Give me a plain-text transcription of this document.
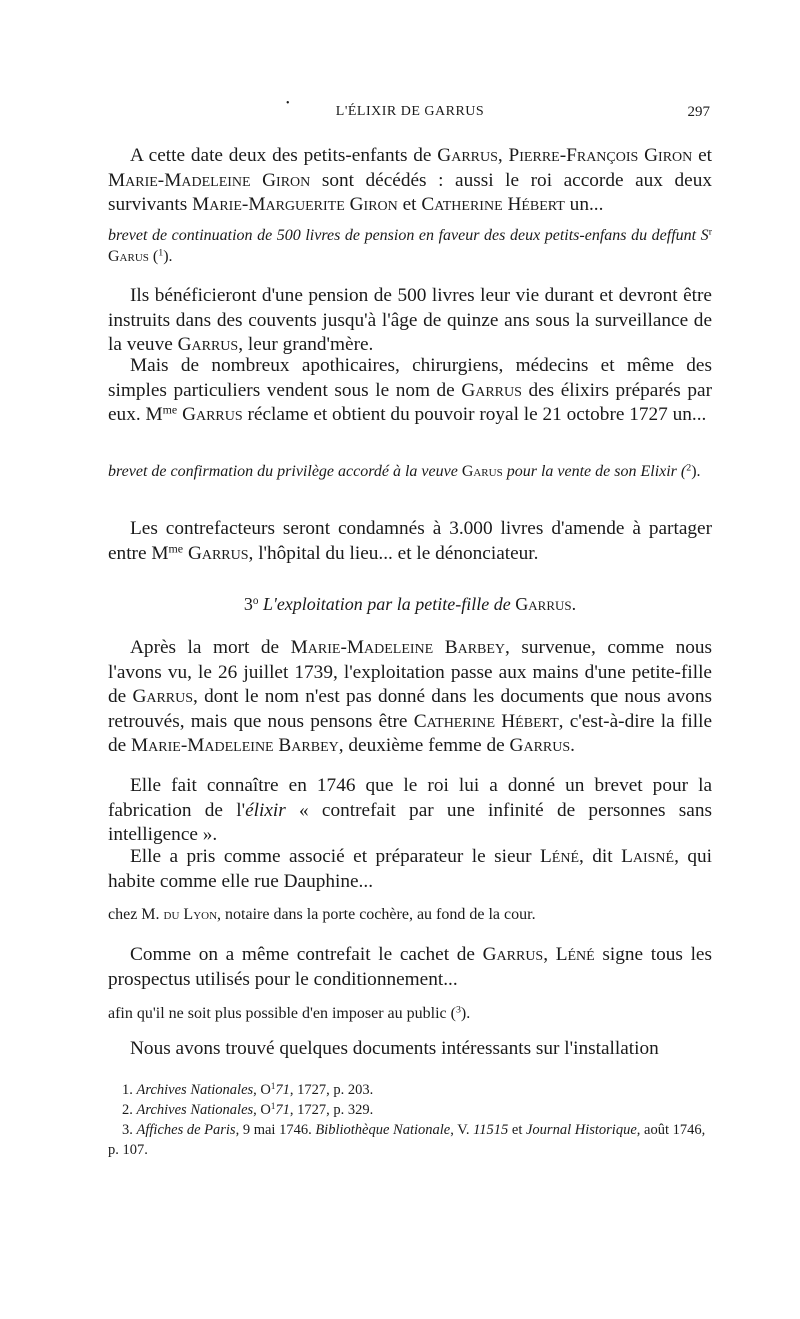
•
L'ÉLIXIR DE GARRUS	297

A cette date deux des petits-enfants de Garrus, Pierre-François Giron et Marie-Madeleine Giron sont décédés : aussi le roi accorde aux deux survivants Marie-Marguerite Giron et Catherine Hébert un...

brevet de continuation de 500 livres de pension en faveur des deux petits-enfans du deffunt $S^r$ Garus ($^1$).

Ils bénéficieront d'une pension de 500 livres leur vie durant et devront être instruits dans des couvents jusqu'à l'âge de quinze ans sous la surveillance de la veuve Garrus, leur grand'mère.

Mais de nombreux apothicaires, chirurgiens, médecins et même des simples particuliers vendent sous le nom de Garrus des élixirs préparés par eux. $M^{me}$ Garrus réclame et obtient du pouvoir royal le 21 octobre 1727 un...

brevet de confirmation du privilège accordé à la veuve Garus pour la vente de son Elixir ($^2$).

Les contrefacteurs seront condamnés à 3.000 livres d'amende à partager entre $M^{me}$ Garrus, l'hôpital du lieu... et le dénonciateur.

3$^o$ L'exploitation par la petite-fille de Garrus.

Après la mort de Marie-Madeleine Barbey, survenue, comme nous l'avons vu, le 26 juillet 1739, l'exploitation passe aux mains d'une petite-fille de Garrus, dont le nom n'est pas donné dans les documents que nous avons retrouvés, mais que nous pensons être Catherine Hébert, c'est-à-dire la fille de Marie-Madeleine Barbey, deuxième femme de Garrus.

Elle fait connaître en 1746 que le roi lui a donné un brevet pour la fabrication de l'élixir « contrefait par une infinité de personnes sans intelligence ».

Elle a pris comme associé et préparateur le sieur Léné, dit Laisné, qui habite comme elle rue Dauphine...

chez M. du Lyon, notaire dans la porte cochère, au fond de la cour.

Comme on a même contrefait le cachet de Garrus, Léné signe tous les prospectus utilisés pour le conditionnement...

afin qu'il ne soit plus possible d'en imposer au public ($^3$).

Nous avons trouvé quelques documents intéressants sur l'installation

1. Archives Nationales, $O^171$, 1727, p. 203.

2. Archives Nationales, $O^171$, 1727, p. 329.

3. Affiches de Paris, 9 mai 1746. Bibliothèque Nationale, V. 11515 et Journal Historique, août 1746, p. 107.
